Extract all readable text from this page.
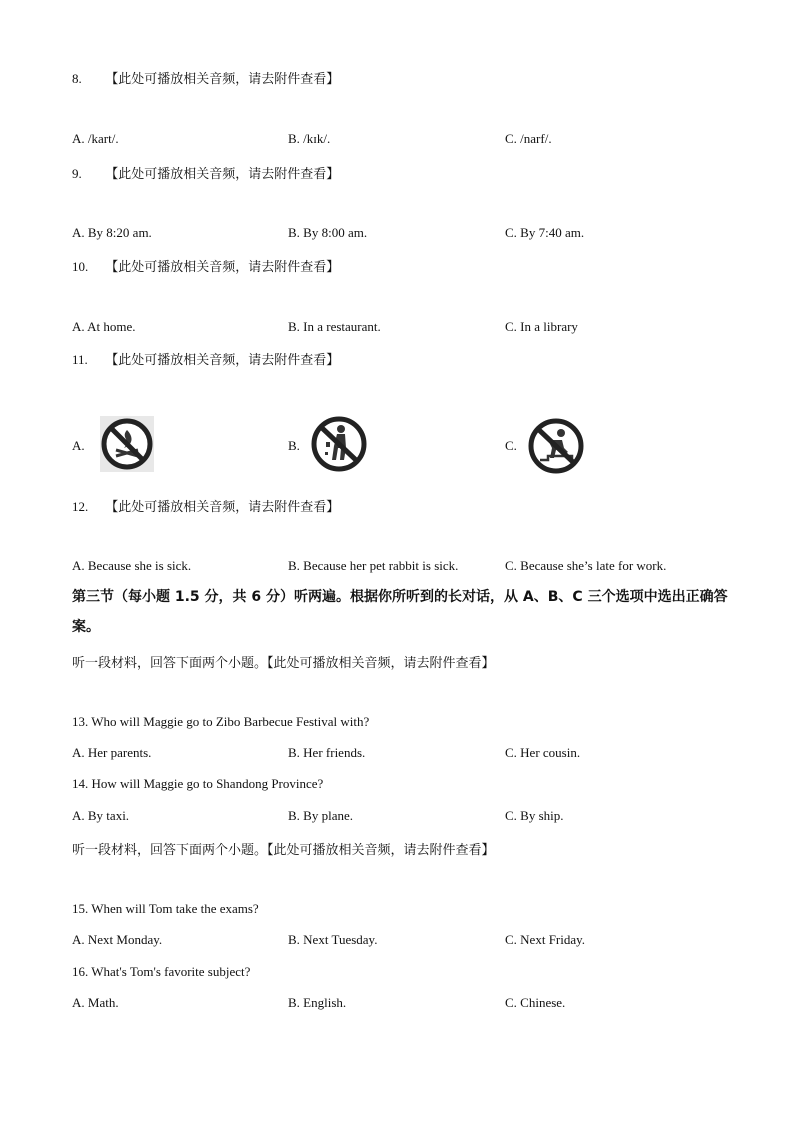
8. 【此处可播放相关音频，请去附件查看】
A. /kart/.	B. /kɪk/.	C. /narf/.
9. 【此处可播放相关音频，请去附件查看】
A. By 8:20 am.	B. By 8:00 am.	C. By 7:40 am.
10. 【此处可播放相关音频，请去附件查看】
A. At home.	B. In a restaurant.	C. In a library
11. 【此处可播放相关音频，请去附件查看】
A.	B.	C.
12. 【此处可播放相关音频，请去附件查看】
A. Because she is sick.	B. Because her pet rabbit is sick.	C. Because she’s late for work.
第三节（每小题 1.5 分，共 6 分）听两遍。根据你所听到的长对话，从 A、B、C 三个选项中选出正确答案。
听一段材料，回答下面两个小题。【此处可播放相关音频，请去附件查看】
13. Who will Maggie go to Zibo Barbecue Festival with?
A. Her parents.	B. Her friends.	C. Her cousin.
14. How will Maggie go to Shandong Province?
A. By taxi.	B. By plane.	C. By ship.
听一段材料，回答下面两个小题。【此处可播放相关音频，请去附件查看】
15. When will Tom take the exams?
A. Next Monday.	B. Next Tuesday.	C. Next Friday.
16. What's Tom's favorite subject?
A. Math.	B. English.	C. Chinese.
